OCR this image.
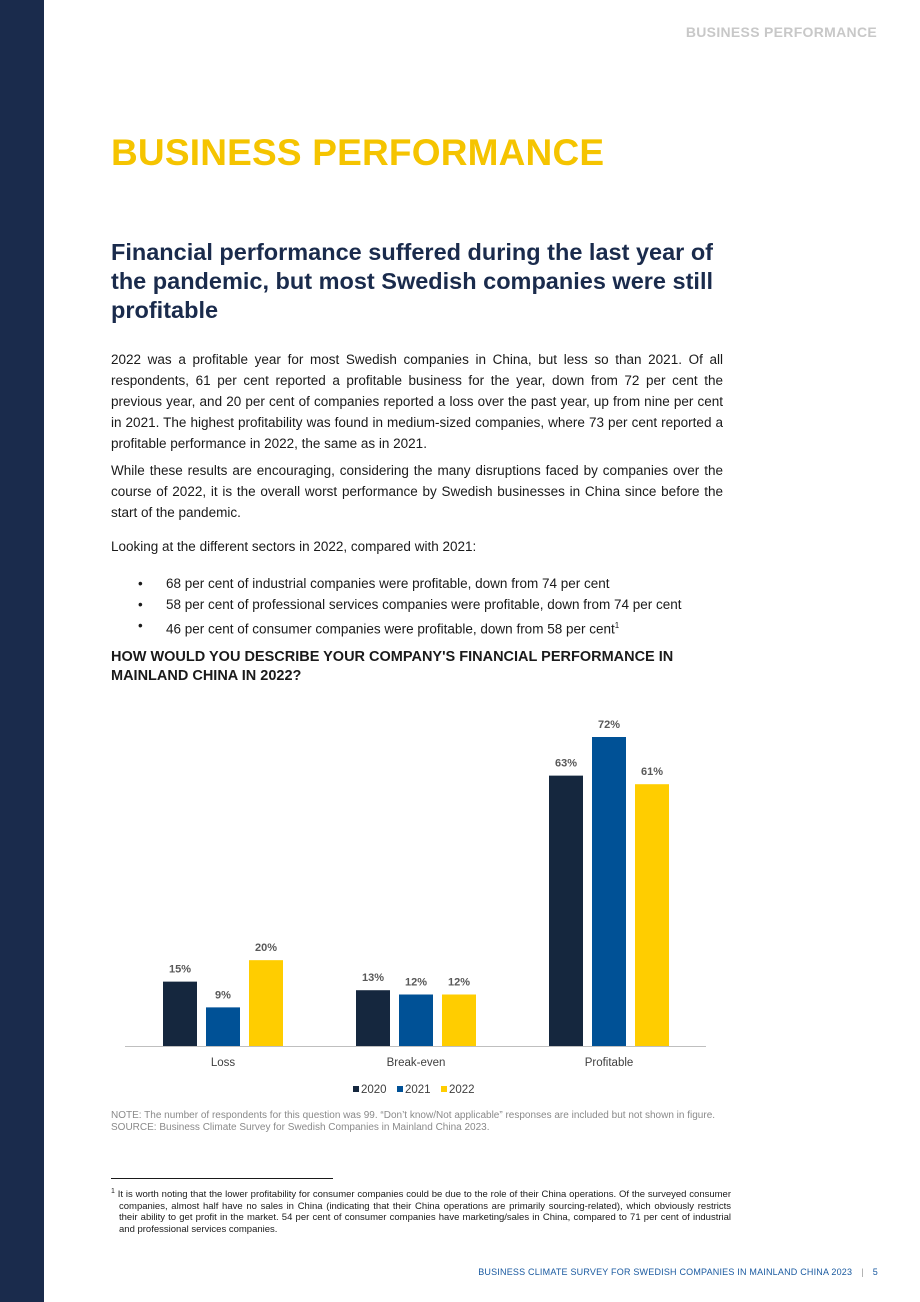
BUSINESS PERFORMANCE
BUSINESS PERFORMANCE
Financial performance suffered during the last year of the pandemic, but most Swedish companies were still profitable

2022 was a profitable year for most Swedish companies in China, but less so than 2021. Of all respondents, 61 per cent reported a profitable business for the year, down from 72 per cent the previous year, and 20 per cent of companies reported a loss over the past year, up from nine per cent in 2021. The highest profitability was found in medium-sized companies, where 73 per cent reported a profitable performance in 2022, the same as in 2021.

While these results are encouraging, considering the many disruptions faced by companies over the course of 2022, it is the overall worst performance by Swedish businesses in China since before the start of the pandemic.

Looking at the different sectors in 2022, compared with 2021:

• 68 per cent of industrial companies were profitable, down from 74 per cent
• 58 per cent of professional services companies were profitable, down from 74 per cent
• 46 per cent of consumer companies were profitable, down from 58 per cent$^1$
HOW WOULD YOU DESCRIBE YOUR COMPANY'S FINANCIAL PERFORMANCE IN MAINLAND CHINA IN 2022?
15%
9%
20%
Loss
13% 12% 12%
Break-even
63%
72%
61%
Profitable
2020 2021 2022

NOTE: The number of respondents for this question was 99. “Don’t know/Not applicable” responses are included but not shown in figure.
SOURCE: Business Climate Survey for Swedish Companies in Mainland China 2023.

$^1$ It is worth noting that the lower profitability for consumer companies could be due to the role of their China operations. Of the surveyed consumer companies, almost half have no sales in China (indicating that their China operations are primarily sourcing-related), which obviously restricts their ability to get profit in the market. 54 per cent of consumer companies have marketing/sales in China, compared to 71 per cent of industrial and professional services companies.

BUSINESS CLIMATE SURVEY FOR SWEDISH COMPANIES IN MAINLAND CHINA 2023 | 5
